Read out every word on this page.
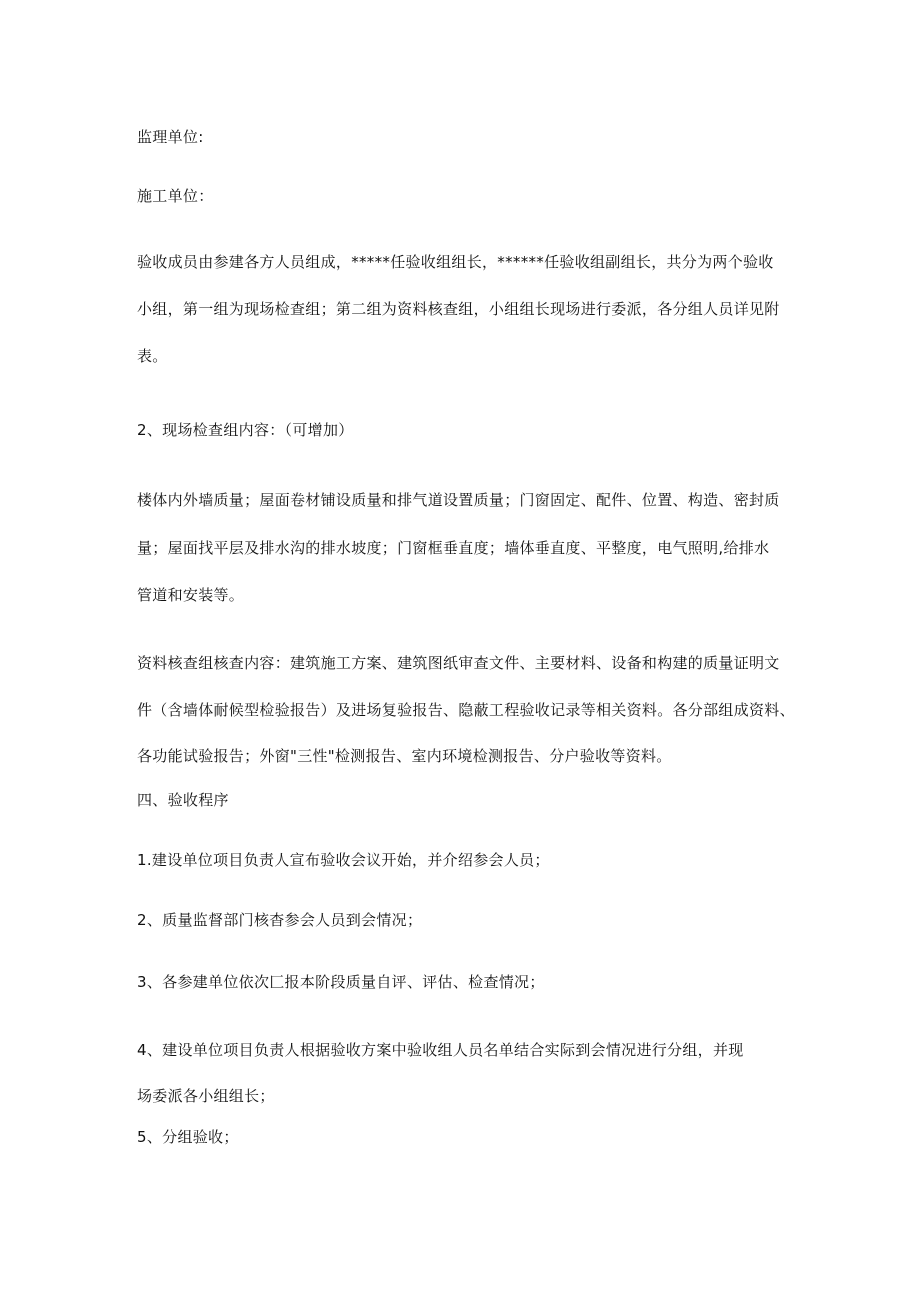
监理单位:
施工单位：
验收成员由参建各方人员组成，*****任验收组组长，******任验收组副组长，共分为两个验收
小组，第一组为现场检查组；第二组为资料核查组，小组组长现场进行委派，各分组人员详见附
表。
2、现场检查组内容：（可增加）
楼体内外墙质量；屋面卷材铺设质量和排气道设置质量；门窗固定、配件、位置、构造、密封质
量；屋面找平层及排水沟的排水坡度；门窗框垂直度；墙体垂直度、平整度，电气照明,给排水
管道和安装等。
资料核查组核查内容：建筑施工方案、建筑图纸审查文件、主要材料、设备和构建的质量证明文
件（含墙体耐候型检验报告）及进场复验报告、隐蔽工程验收记录等相关资料。各分部组成资料、
各功能试验报告；外窗"三性"检测报告、室内环境检测报告、分户验收等资料。
四、验收程序
1.建设单位项目负责人宣布验收会议开始，并介绍参会人员；
2、质量监督部门核杳参会人员到会情况；
3、各参建单位依次匚报本阶段质量自评、评估、检查情况；
4、建设单位项目负责人根据验收方案中验收组人员名单结合实际到会情况进行分组，并现
场委派各小组组长；
5、分组验收；
